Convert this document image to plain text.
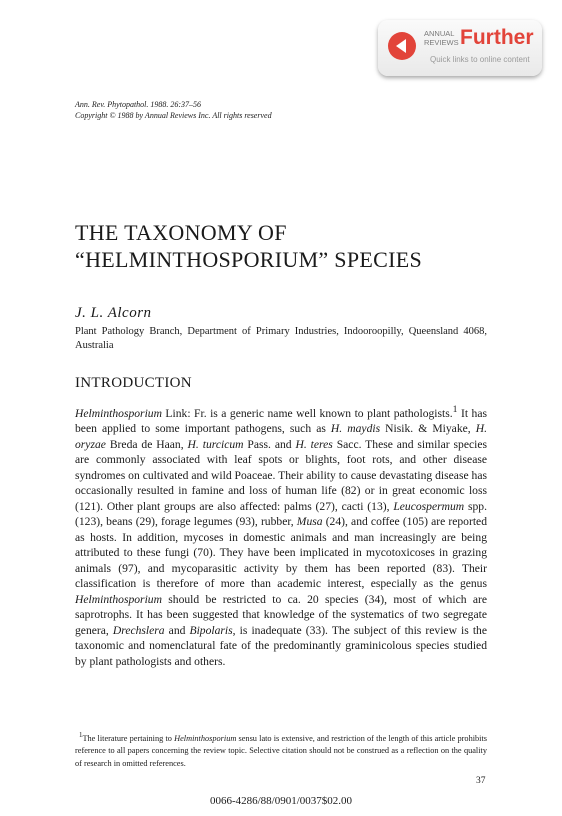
ANNUAL
REVIEWS Further
Quick links to online content
Ann. Rev. Phytopathol. 1988. 26:37–56
Copyright © 1988 by Annual Reviews Inc. All rights reserved
THE TAXONOMY OF
“HELMINTHOSPORIUM” SPECIES
J. L. Alcorn
Plant Pathology Branch, Department of Primary Industries, Indooroopilly, Queensland 4068, Australia
INTRODUCTION

Helminthosporium Link: Fr. is a generic name well known to plant pathologists.$^1$ It has been applied to some important pathogens, such as H. maydis Nisik. & Miyake, H. oryzae Breda de Haan, H. turcicum Pass. and H. teres Sacc. These and similar species are commonly associated with leaf spots or blights, foot rots, and other disease syndromes on cultivated and wild Poaceae. Their ability to cause devastating disease has occasionally resulted in famine and loss of human life (82) or in great economic loss (121). Other plant groups are also affected: palms (27), cacti (13), Leucospermum spp. (123), beans (29), forage legumes (93), rubber, Musa (24), and coffee (105) are reported as hosts. In addition, mycoses in domestic animals and man increasingly are being attributed to these fungi (70). They have been implicated in mycotoxicoses in grazing animals (97), and mycoparasitic activity by them has been reported (83). Their classification is therefore of more than academic interest, especially as the genus Helminthosporium should be restricted to ca. 20 species (34), most of which are saprotrophs. It has been suggested that knowledge of the systematics of two segregate genera, Drechslera and Bipolaris, is inadequate (33). The subject of this review is the taxonomic and nomenclatural fate of the predominantly graminicolous species studied by plant pathologists and others.

$^1$The literature pertaining to Helminthosporium sensu lato is extensive, and restriction of the length of this article prohibits reference to all papers concerning the review topic. Selective citation should not be construed as a reflection on the quality of research in omitted references.

37
0066-4286/88/0901/0037$02.00
